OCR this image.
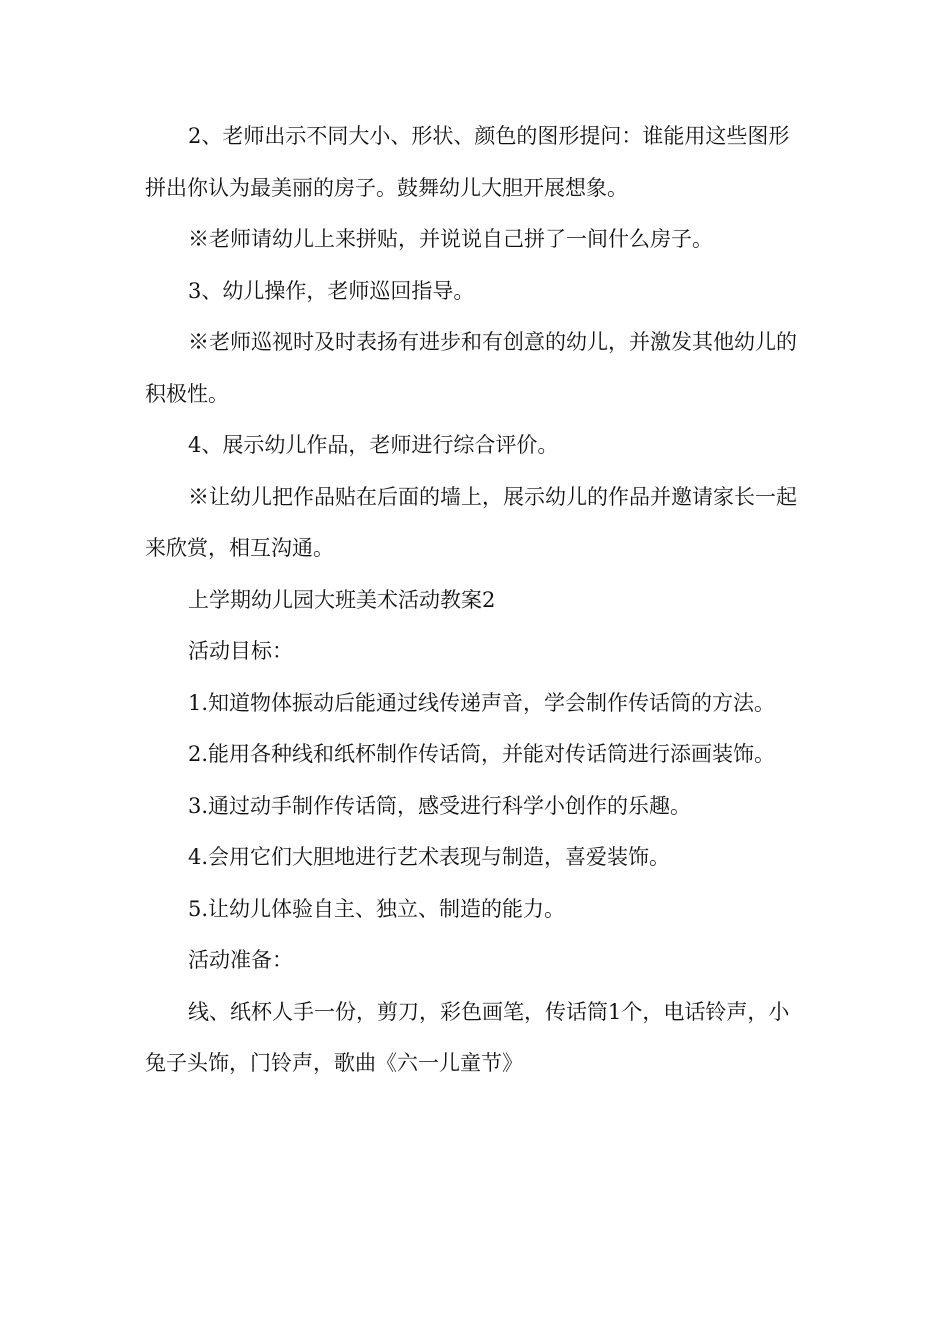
2、老师出示不同大小、形状、颜色的图形提问：谁能用这些图形拼出你认为最美丽的房子。鼓舞幼儿大胆开展想象。

※老师请幼儿上来拼贴，并说说自己拼了一间什么房子。

3、幼儿操作，老师巡回指导。

※老师巡视时及时表扬有进步和有创意的幼儿，并激发其他幼儿的积极性。

4、展示幼儿作品，老师进行综合评价。

※让幼儿把作品贴在后面的墙上，展示幼儿的作品并邀请家长一起来欣赏，相互沟通。

上学期幼儿园大班美术活动教案2

活动目标：

1.知道物体振动后能通过线传递声音，学会制作传话筒的方法。

2.能用各种线和纸杯制作传话筒，并能对传话筒进行添画装饰。

3.通过动手制作传话筒，感受进行科学小创作的乐趣。

4.会用它们大胆地进行艺术表现与制造，喜爱装饰。

5.让幼儿体验自主、独立、制造的能力。

活动准备：

线、纸杯人手一份，剪刀，彩色画笔，传话筒1个，电话铃声，小兔子头饰，门铃声，歌曲《六一儿童节》
